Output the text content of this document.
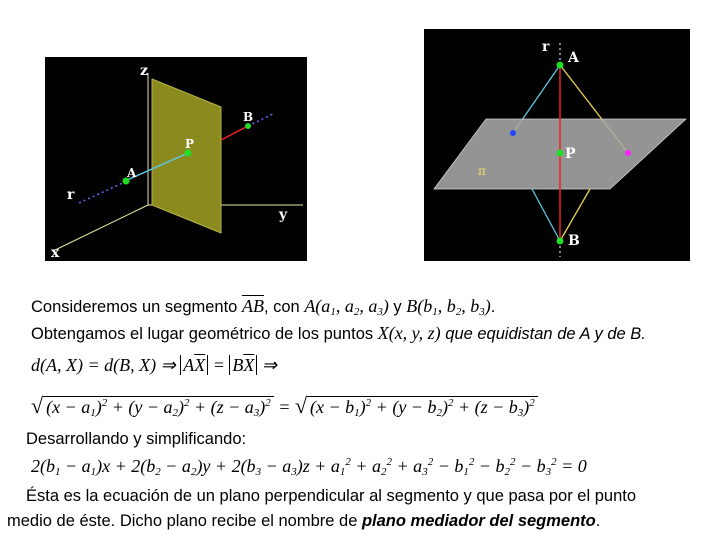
z
y
x
r
A
B
P
r
A
P
B
π
Consideremos un segmento $\overline{AB}$, con $A(a_1$, $a_2$, $a_3$) y $B(b_1$, $b_2$, $b_3$).
Obtengamos el lugar geométrico de los puntos X(x, y, z) que equidistan de A y de B.
d(A, X) = d(B, X) ⇒ $A\overline{X} = B\overline{X}$ ⇒
√ $(x - a_1)^2 + (y - a_2)^2 + (z - a_3)^2$ = √ $(x - b_1)^2 + (y - b_2)^2 + (z - b_3)^2$
Desarrollando y simplificando:
$2(b_1 - a_1)x + 2(b_2 - a_2)y + 2(b_3 - a_3)z + a_1^2 + a_2^2 + a_3^2 - b_1^2 - b_2^2 - b_3^2 = 0$
Ésta es la ecuación de un plano perpendicular al segmento y que pasa por el punto
medio de éste. Dicho plano recibe el nombre de plano mediador del segmento.
